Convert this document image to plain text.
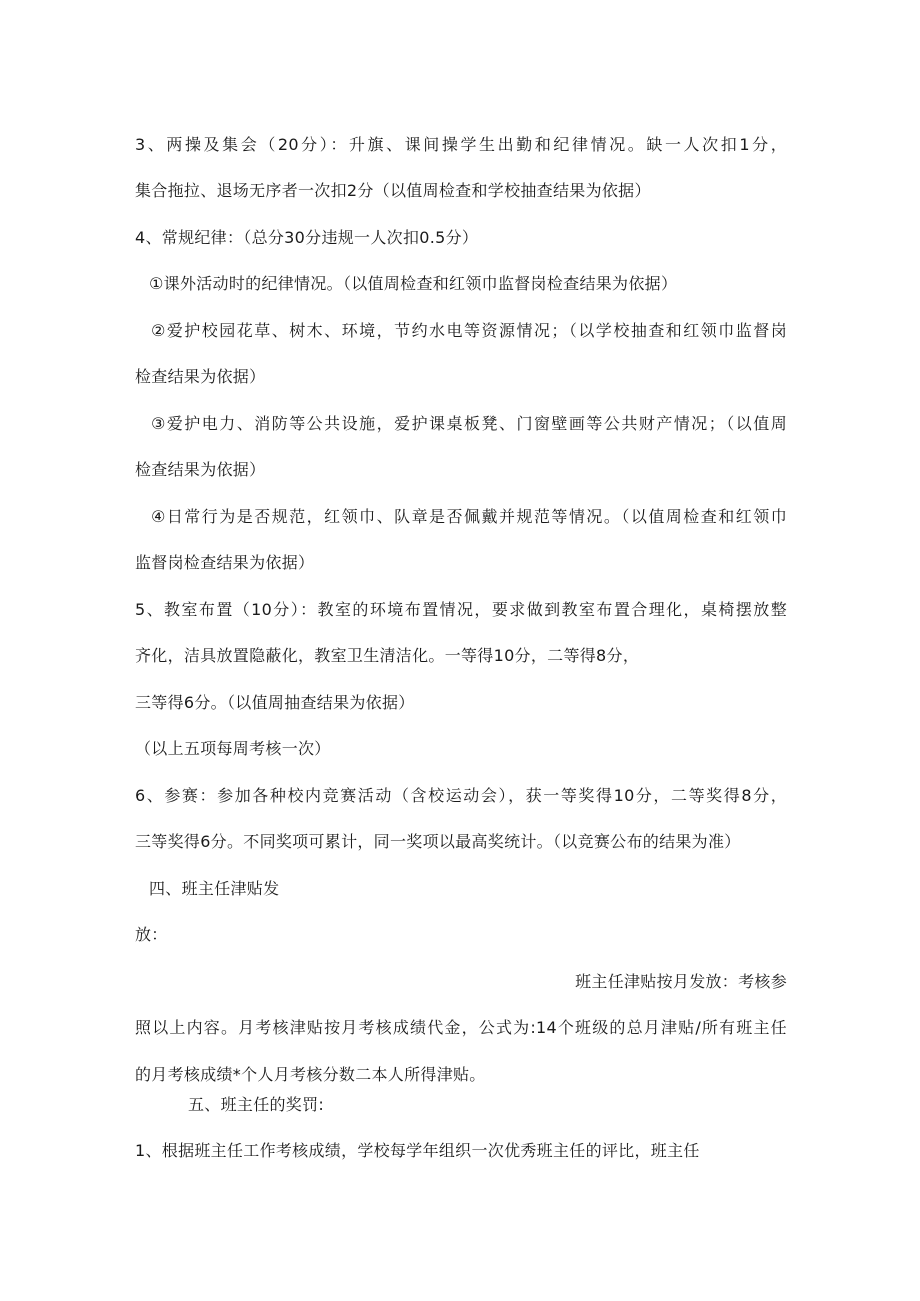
3、两操及集会（20分）：升旗、课间操学生出勤和纪律情况。缺一人次扣1分，
集合拖拉、退场无序者一次扣2分（以值周检查和学校抽查结果为依据）
4、常规纪律：（总分30分违规一人次扣0.5分）
①课外活动时的纪律情况。（以值周检查和红领巾监督岗检查结果为依据）
②爱护校园花草、树木、环境，节约水电等资源情况；（以学校抽查和红领巾监督岗
检查结果为依据）
③爱护电力、消防等公共设施，爱护课桌板凳、门窗壁画等公共财产情况；（以值周
检查结果为依据）
④日常行为是否规范，红领巾、队章是否佩戴并规范等情况。（以值周检查和红领巾
监督岗检查结果为依据）
5、教室布置（10分）：教室的环境布置情况，要求做到教室布置合理化，桌椅摆放整
齐化，洁具放置隐蔽化，教室卫生清洁化。一等得10分，二等得8分，
三等得6分。（以值周抽查结果为依据）
（以上五项每周考核一次）
6、参赛：参加各种校内竞赛活动（含校运动会），获一等奖得10分，二等奖得8分，
三等奖得6分。不同奖项可累计，同一奖项以最高奖统计。（以竞赛公布的结果为准）
四、班主任津贴发
放：
班主任津贴按月发放：考核参
照以上内容。月考核津贴按月考核成绩代金，公式为:14个班级的总月津贴/所有班主任
的月考核成绩*个人月考核分数二本人所得津贴。
五、班主任的奖罚:
1、根据班主任工作考核成绩，学校每学年组织一次优秀班主任的评比，班主任
